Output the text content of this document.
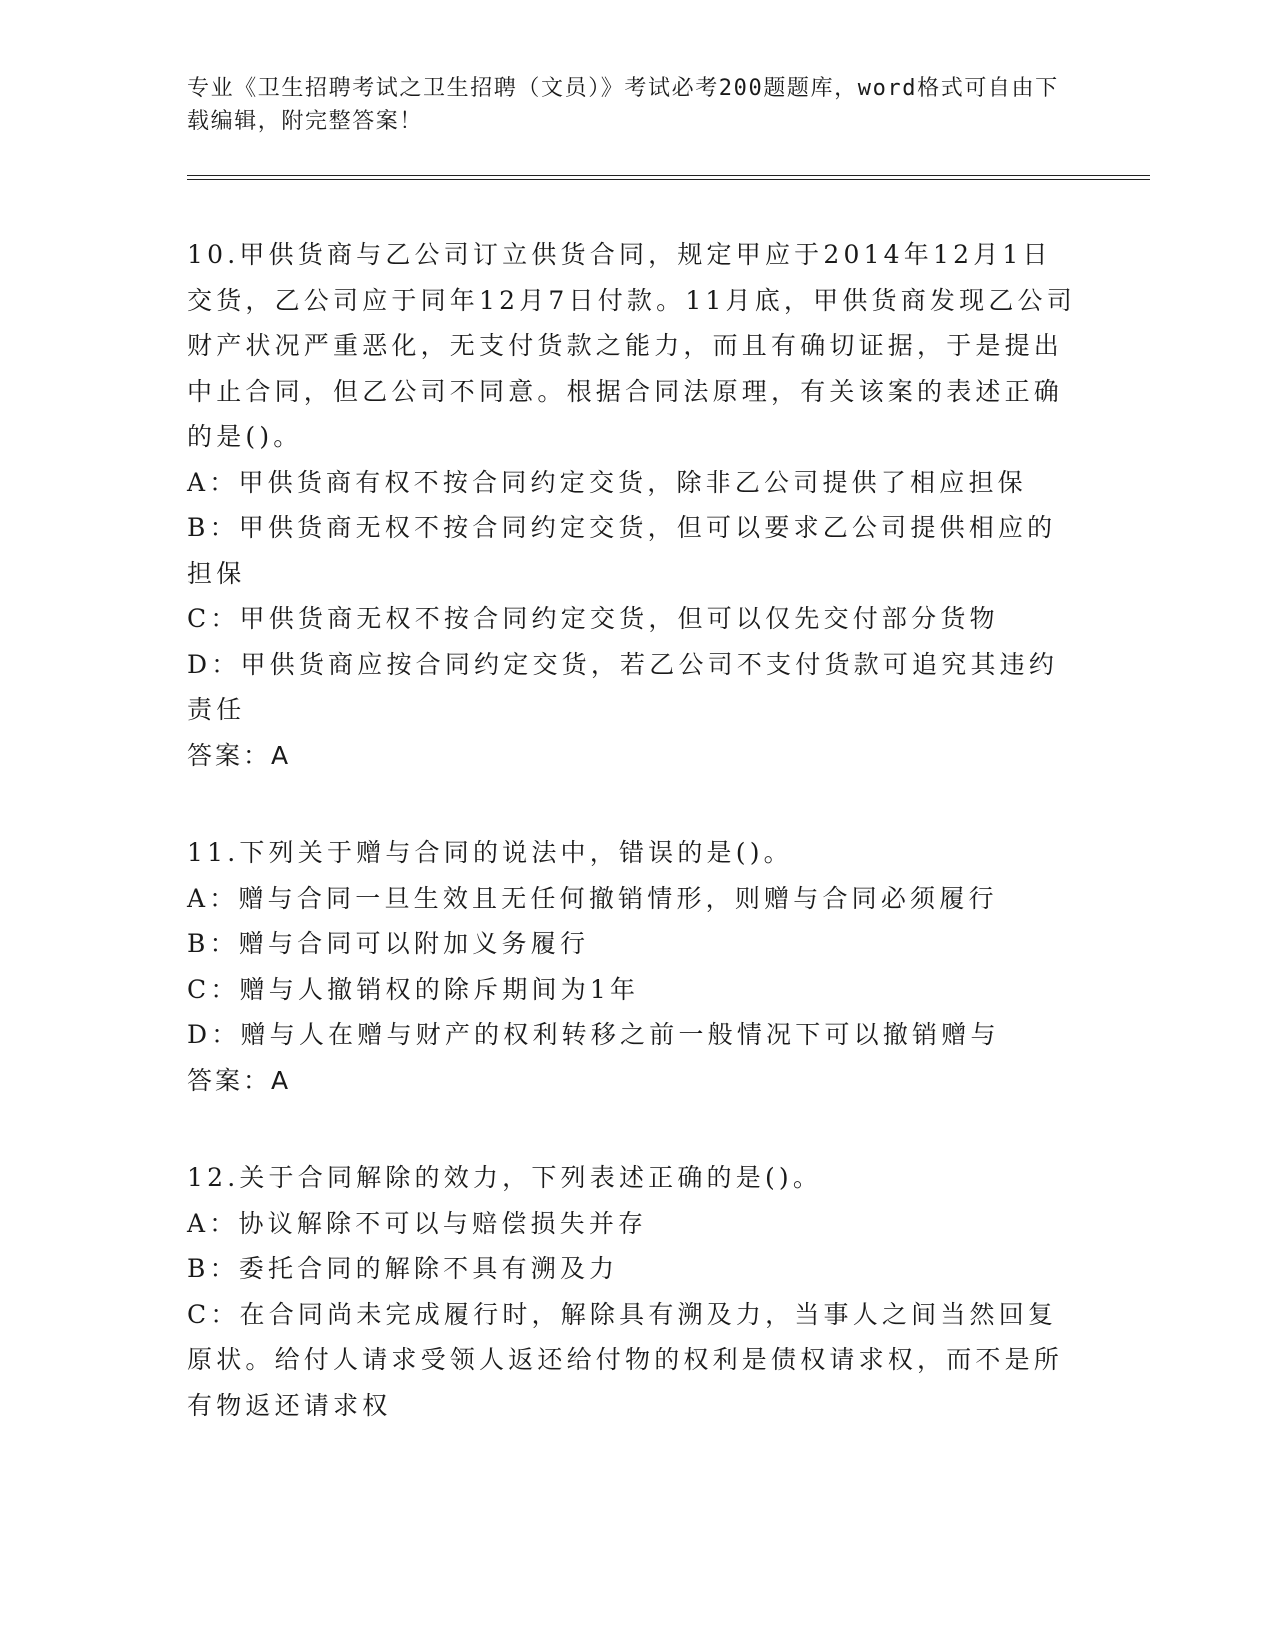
专业《卫生招聘考试之卫生招聘（文员）》考试必考200题题库，word格式可自由下载编辑，附完整答案！
10.甲供货商与乙公司订立供货合同，规定甲应于2014年12月1日交货，乙公司应于同年12月7日付款。11月底，甲供货商发现乙公司财产状况严重恶化，无支付货款之能力，而且有确切证据，于是提出中止合同，但乙公司不同意。根据合同法原理，有关该案的表述正确的是()。
A：甲供货商有权不按合同约定交货，除非乙公司提供了相应担保
B：甲供货商无权不按合同约定交货，但可以要求乙公司提供相应的担保
C：甲供货商无权不按合同约定交货，但可以仅先交付部分货物
D：甲供货商应按合同约定交货，若乙公司不支付货款可追究其违约责任
答案：A
11.下列关于赠与合同的说法中，错误的是()。
A：赠与合同一旦生效且无任何撤销情形，则赠与合同必须履行
B：赠与合同可以附加义务履行
C：赠与人撤销权的除斥期间为1年
D：赠与人在赠与财产的权利转移之前一般情况下可以撤销赠与
答案：A
12.关于合同解除的效力，下列表述正确的是()。
A：协议解除不可以与赔偿损失并存
B：委托合同的解除不具有溯及力
C：在合同尚未完成履行时，解除具有溯及力，当事人之间当然回复原状。给付人请求受领人返还给付物的权利是债权请求权，而不是所有物返还请求权
